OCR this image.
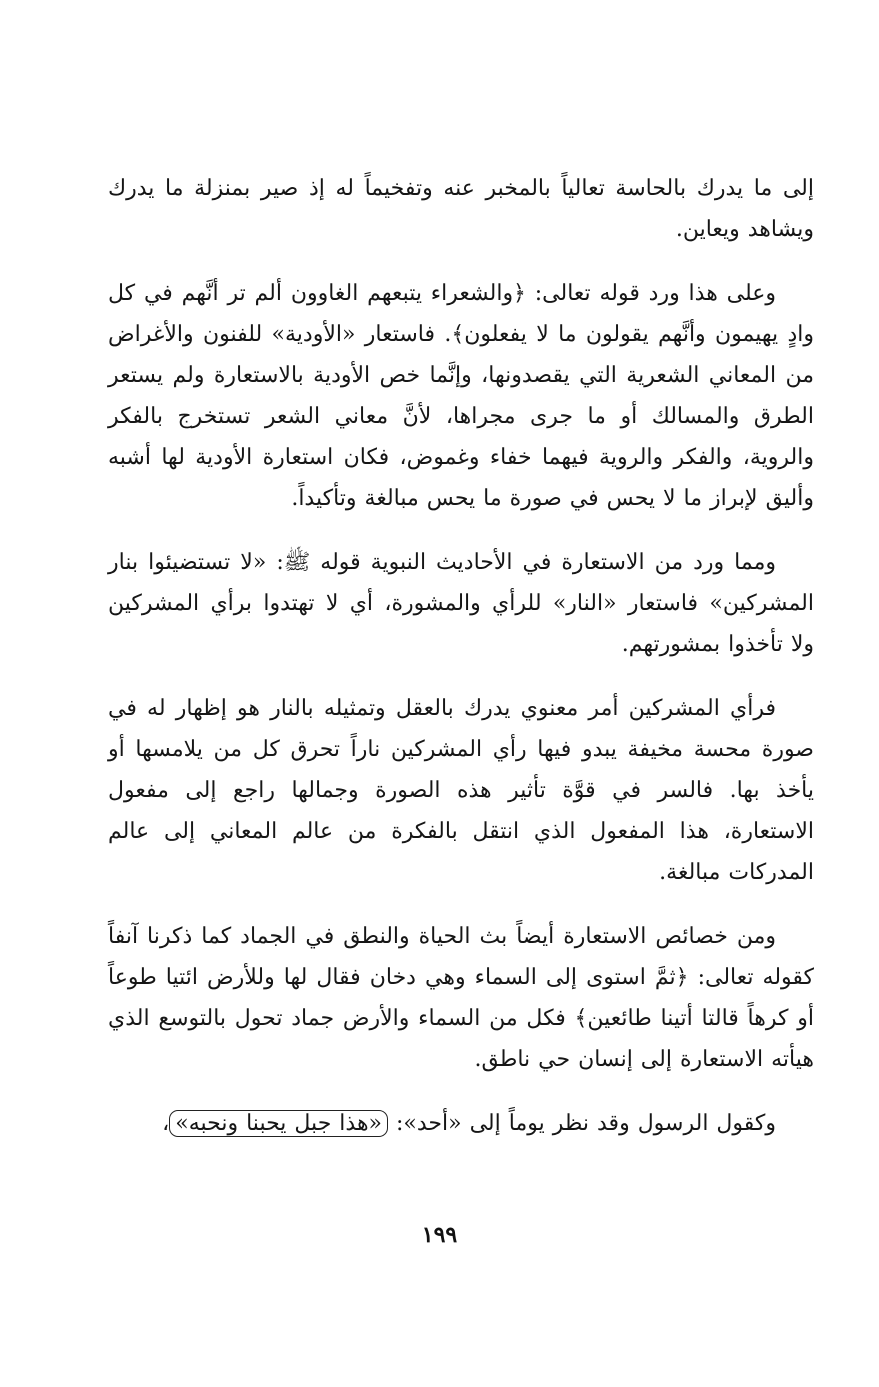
إلى ما يدرك بالحاسة تعالياً بالمخبر عنه وتفخيماً له إذ صير بمنزلة ما يدرك ويشاهد ويعاين.

وعلى هذا ورد قوله تعالى: ﴿والشعراء يتبعهم الغاوون ألم تر أنَّهم في كل وادٍ يهيمون وأنَّهم يقولون ما لا يفعلون﴾. فاستعار «الأودية» للفنون والأغراض من المعاني الشعرية التي يقصدونها، وإنَّما خص الأودية بالاستعارة ولم يستعر الطرق والمسالك أو ما جرى مجراها، لأنَّ معاني الشعر تستخرج بالفكر والروية، والفكر والروية فيهما خفاء وغموض، فكان استعارة الأودية لها أشبه وأليق لإبراز ما لا يحس في صورة ما يحس مبالغة وتأكيداً.

ومما ورد من الاستعارة في الأحاديث النبوية قوله ﷺ: «لا تستضيئوا بنار المشركين» فاستعار «النار» للرأي والمشورة، أي لا تهتدوا برأي المشركين ولا تأخذوا بمشورتهم.

فرأي المشركين أمر معنوي يدرك بالعقل وتمثيله بالنار هو إظهار له في صورة محسة مخيفة يبدو فيها رأي المشركين ناراً تحرق كل من يلامسها أو يأخذ بها. فالسر في قوَّة تأثير هذه الصورة وجمالها راجع إلى مفعول الاستعارة، هذا المفعول الذي انتقل بالفكرة من عالم المعاني إلى عالم المدركات مبالغة.

ومن خصائص الاستعارة أيضاً بث الحياة والنطق في الجماد كما ذكرنا آنفاً كقوله تعالى: ﴿ثمَّ استوى إلى السماء وهي دخان فقال لها وللأرض ائتيا طوعاً أو كرهاً قالتا أتينا طائعين﴾ فكل من السماء والأرض جماد تحول بالتوسع الذي هيأته الاستعارة إلى إنسان حي ناطق.

وكقول الرسول وقد نظر يوماً إلى «أحد»: «هذا جبل يحبنا ونحبه»،

١٩٩
